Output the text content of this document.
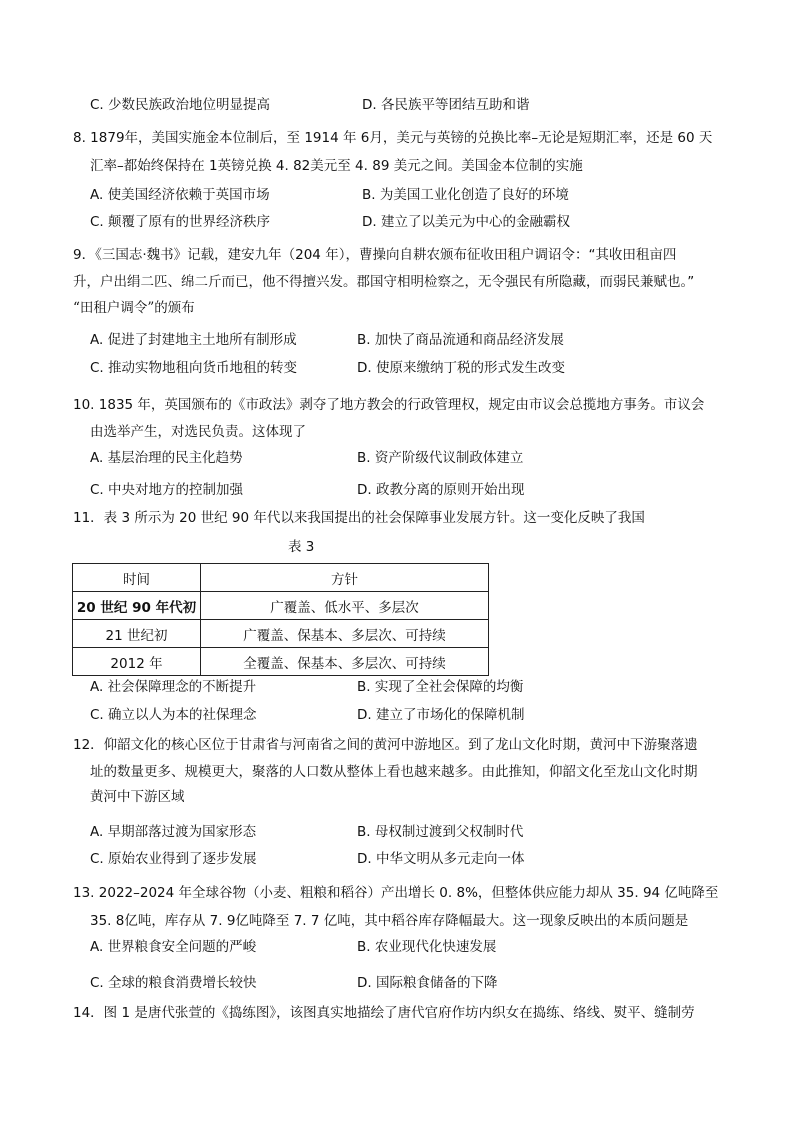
C. 少数民族政治地位明显提高	D. 各民族平等团结互助和谐
8. 1879年，美国实施金本位制后，至 1914 年 6月，美元与英镑的兑换比率–无论是短期汇率，还是 60 天
汇率–都始终保持在 1英镑兑换 4. 82美元至 4. 89 美元之间。美国金本位制的实施
A. 使美国经济依赖于英国市场	B. 为美国工业化创造了良好的环境
C. 颠覆了原有的世界经济秩序	D. 建立了以美元为中心的金融霸权
9．《三国志·魏书》记载，建安九年（204 年），曹操向自耕农颁布征收田租户调诏令：“其收田租亩四
升，户出绢二匹、绵二斤而已，他不得擅兴发。郡国守相明检察之，无令强民有所隐藏，而弱民兼赋也。”
“田租户调令”的颁布
A. 促进了封建地主土地所有制形成	B. 加快了商品流通和商品经济发展
C. 推动实物地租向货币地租的转变	D. 使原来缴纳丁税的形式发生改变
10. 1835 年，英国颁布的《市政法》剥夺了地方教会的行政管理权，规定由市议会总揽地方事务。市议会
由选举产生，对选民负责。这体现了
A. 基层治理的民主化趋势	B. 资产阶级代议制政体建立
C. 中央对地方的控制加强	D. 政教分离的原则开始出现
11．表 3 所示为 20 世纪 90 年代以来我国提出的社会保障事业发展方针。这一变化反映了我国
表 3
时间	方针
20 世纪 90 年代初	广覆盖、低水平、多层次
21 世纪初	广覆盖、保基本、多层次、可持续
2012 年	全覆盖、保基本、多层次、可持续
A. 社会保障理念的不断提升	B. 实现了全社会保障的均衡
C. 确立以人为本的社保理念	D. 建立了市场化的保障机制
12．仰韶文化的核心区位于甘肃省与河南省之间的黄河中游地区。到了龙山文化时期，黄河中下游聚落遗
址的数量更多、规模更大，聚落的人口数从整体上看也越来越多。由此推知，仰韶文化至龙山文化时期
黄河中下游区域
A. 早期部落过渡为国家形态	B. 母权制过渡到父权制时代
C. 原始农业得到了逐步发展	D. 中华文明从多元走向一体
13. 2022–2024 年全球谷物（小麦、粗粮和稻谷）产出增长 0. 8%，但整体供应能力却从 35. 94 亿吨降至
35. 8亿吨，库存从 7. 9亿吨降至 7. 7 亿吨，其中稻谷库存降幅最大。这一现象反映出的本质问题是
A. 世界粮食安全问题的严峻	B. 农业现代化快速发展
C. 全球的粮食消费增长较快	D. 国际粮食储备的下降
14．图 1 是唐代张萱的《捣练图》，该图真实地描绘了唐代官府作坊内织女在捣练、络线、熨平、缝制劳
